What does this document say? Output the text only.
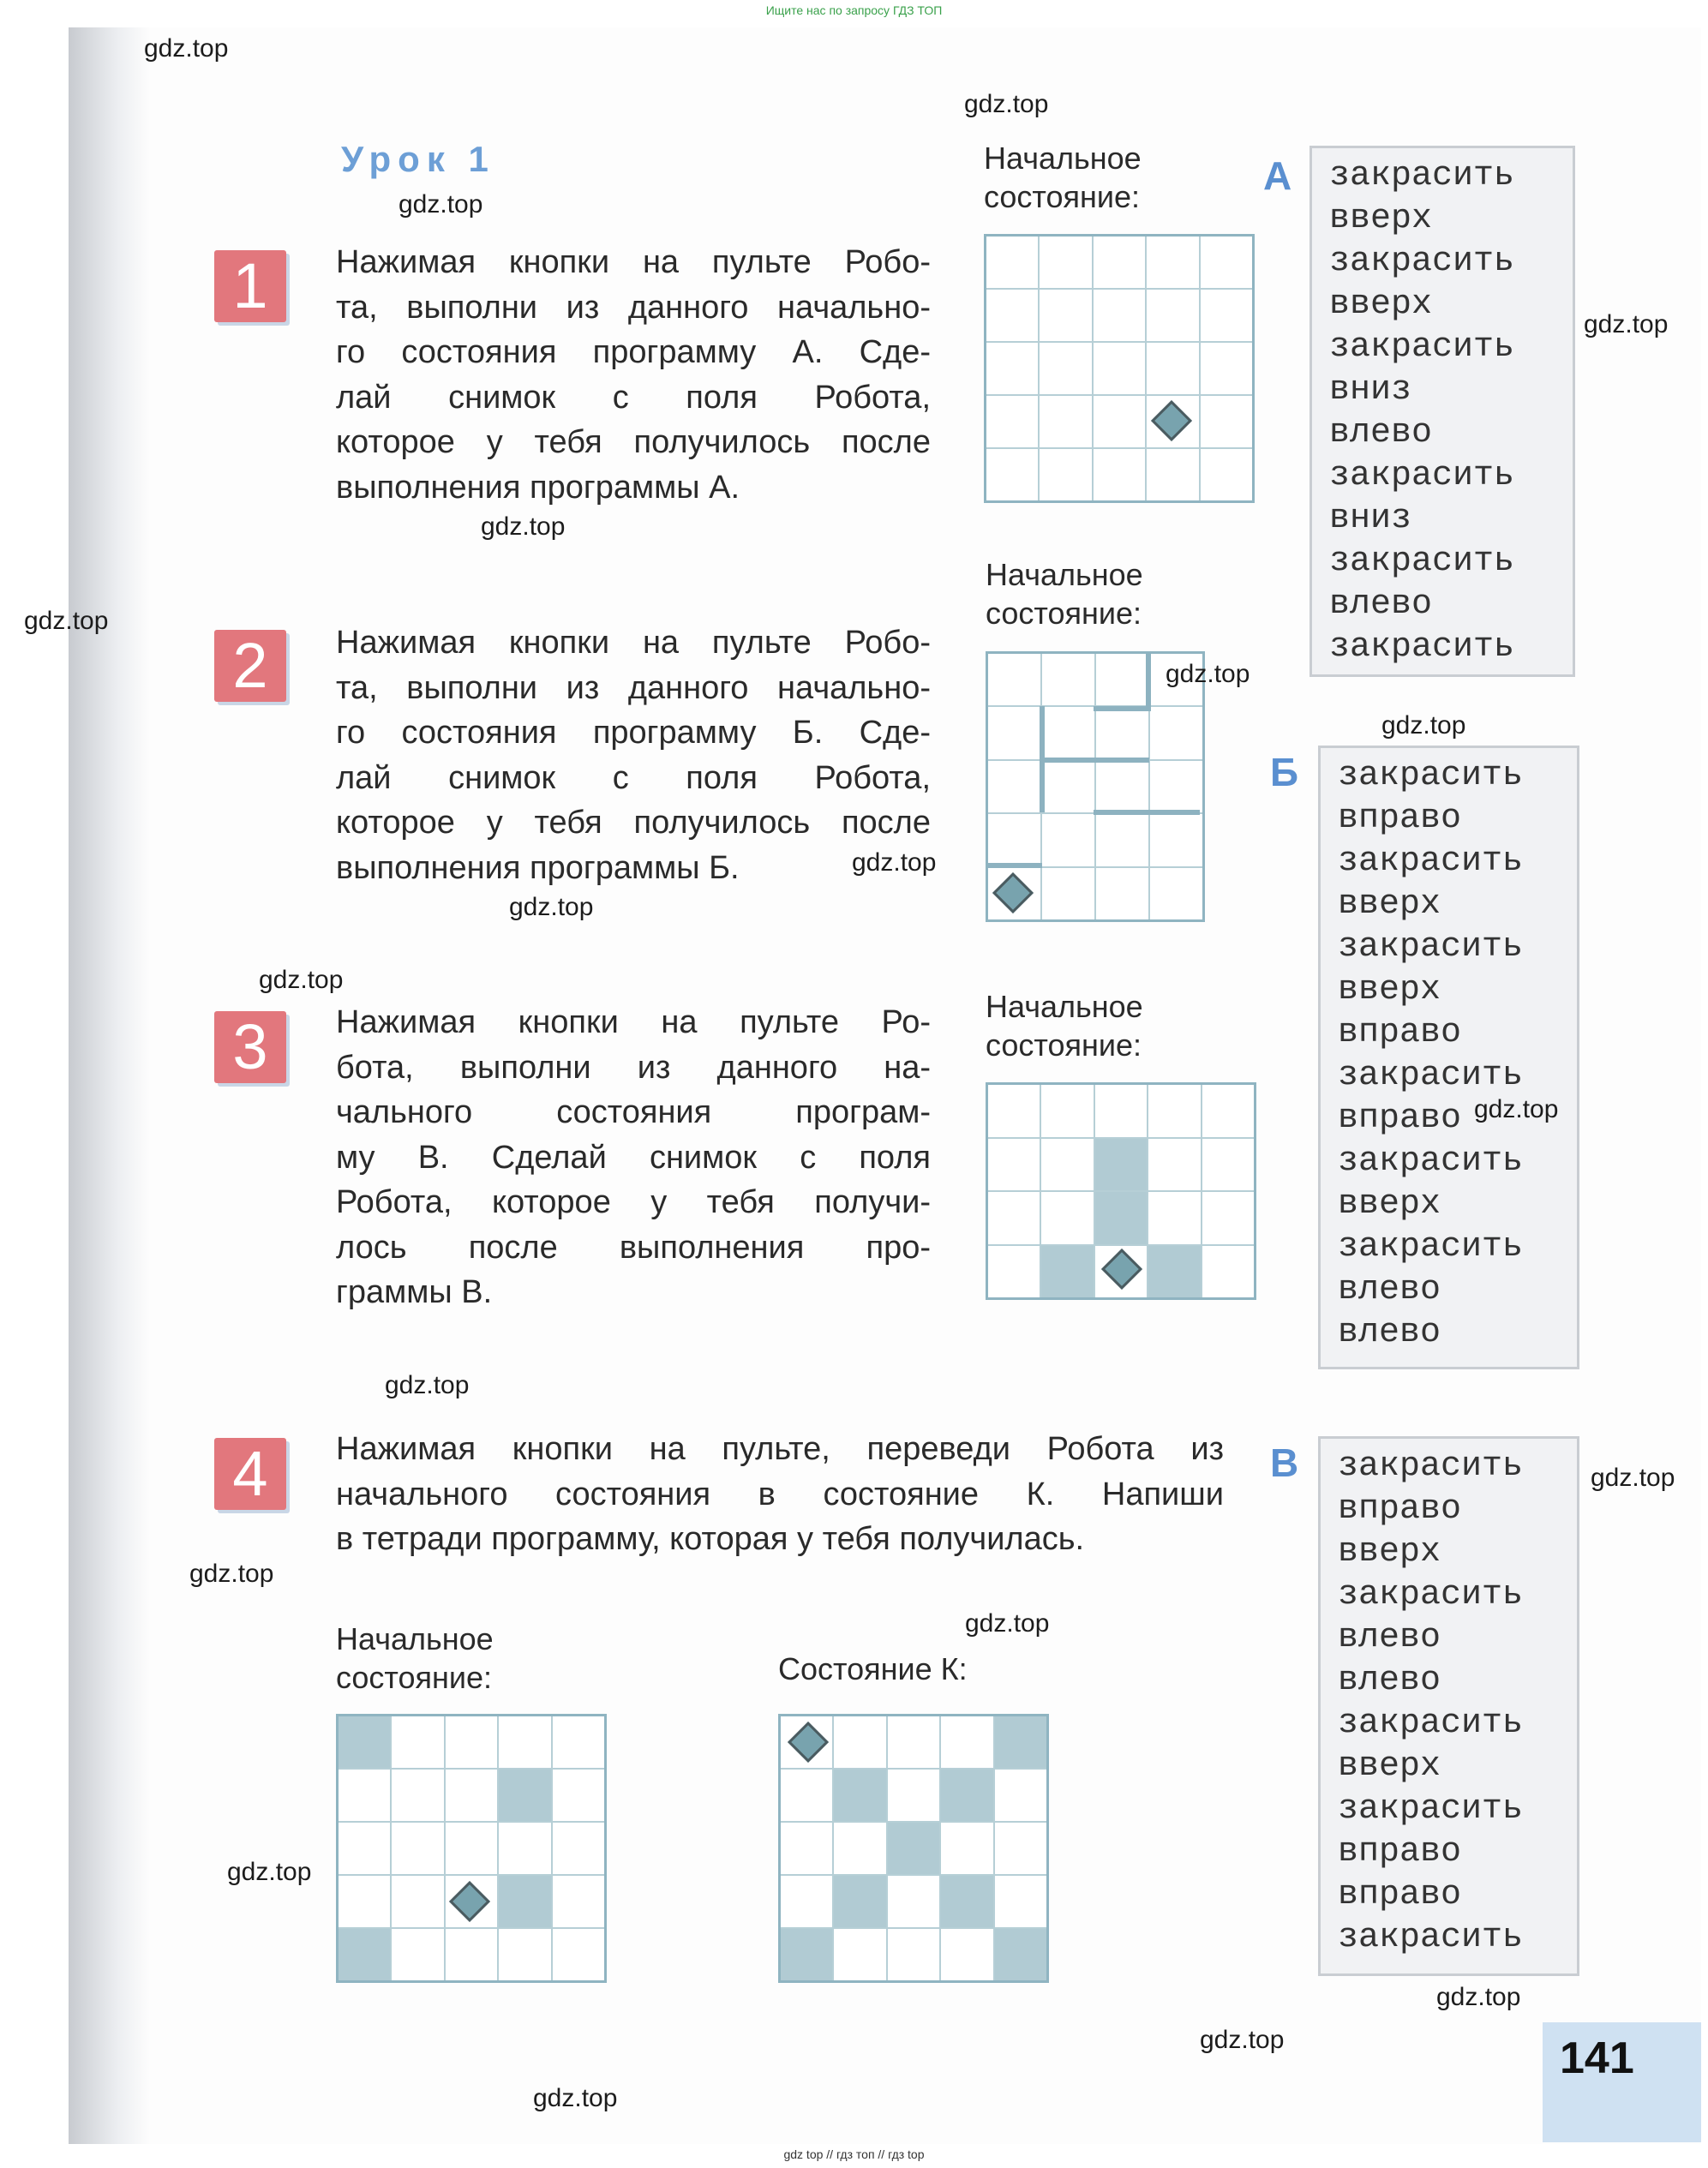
Ищите нас по запросу ГДЗ ТОП
Урок 1
1	Нажимая кнопки на пульте Робо-
та, выполни из данного начально-
го состояния программу А. Сде-
лай снимок с поля Робота,
которое у тебя получилось после
выполнения программы А.
Начальное
состояние:	А закрасить
вверх
закрасить
вверх
закрасить
вниз
влево
закрасить
вниз
закрасить
влево
закрасить
2	Нажимая кнопки на пульте Робо-
та, выполни из данного начально-
го состояния программу Б. Сде-
лай снимок с поля Робота,
которое у тебя получилось после
выполнения программы Б.
Начальное
состояние:
Б закрасить
вправо
закрасить
вверх
закрасить
вверх
вправо
закрасить
вправо
закрасить
вверх
закрасить
влево
влево
3	Нажимая кнопки на пульте Ро-
бота, выполни из данного на-
чального состояния програм-
му В. Сделай снимок с поля
Робота, которое у тебя получи-
лось после выполнения про-
граммы В.
Начальное
состояние:
4	Нажимая кнопки на пульте, переведи Робота из
начального состояния в состояние К. Напиши
в тетради программу, которая у тебя получилась.
Начальное
состояние:	Состояние К:
В закрасить
вправо
вверх
закрасить
влево
влево
закрасить
вверх
закрасить
вправо
вправо
закрасить
141
gdz.top
gdz.top
gdz.top
gdz.top
gdz.top
gdz.top
gdz.top
gdz.top
gdz.top
gdz.top
gdz.top
gdz.top
gdz.top
gdz.top
gdz.top
gdz.top
gdz.top
gdz.top
gdz.top
gdz.top
gdz top // гдз топ // гдз top
